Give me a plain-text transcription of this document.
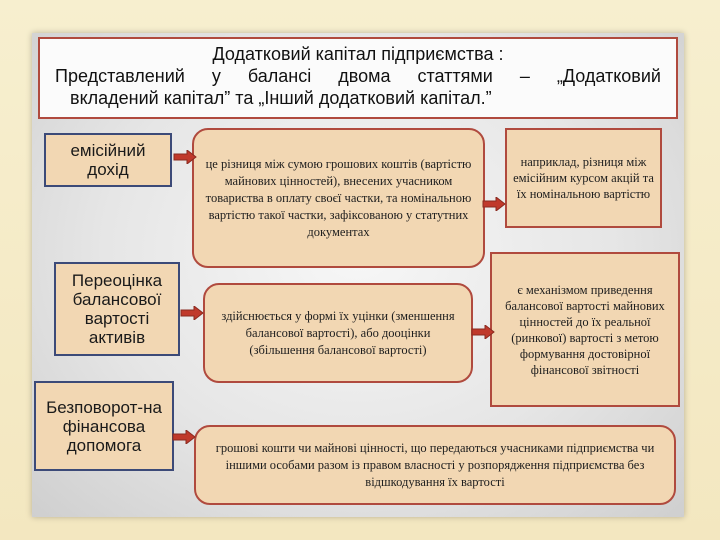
Додатковий капітал підприємства :
Представлений у балансі двома статтями – „Додатковий
вкладений капітал” та „Інший додатковий капітал.”
емісійний дохід
Переоцінка балансової вартості активів
Безповорот-на фінансова допомога
це різниця між сумою грошових коштів (вартістю майнових цінностей), внесених учасником товариства в оплату своєї частки, та номінальною вартістю такої частки, зафіксованою у статутних документах
наприклад, різниця між емісійним курсом акцій та їх номінальною вартістю
здійснюється у формі їх уцінки (зменшення балансової вартості), або дооцінки (збільшення балансової вартості)
є механізмом приведення балансової вартості майнових цінностей до їх реальної (ринкової) вартості з метою формування достовірної фінансової звітності
грошові кошти чи майнові цінності, що передаються учасниками підприємства чи іншими особами разом із правом власності у розпорядження підприємства без відшкодування їх вартості
